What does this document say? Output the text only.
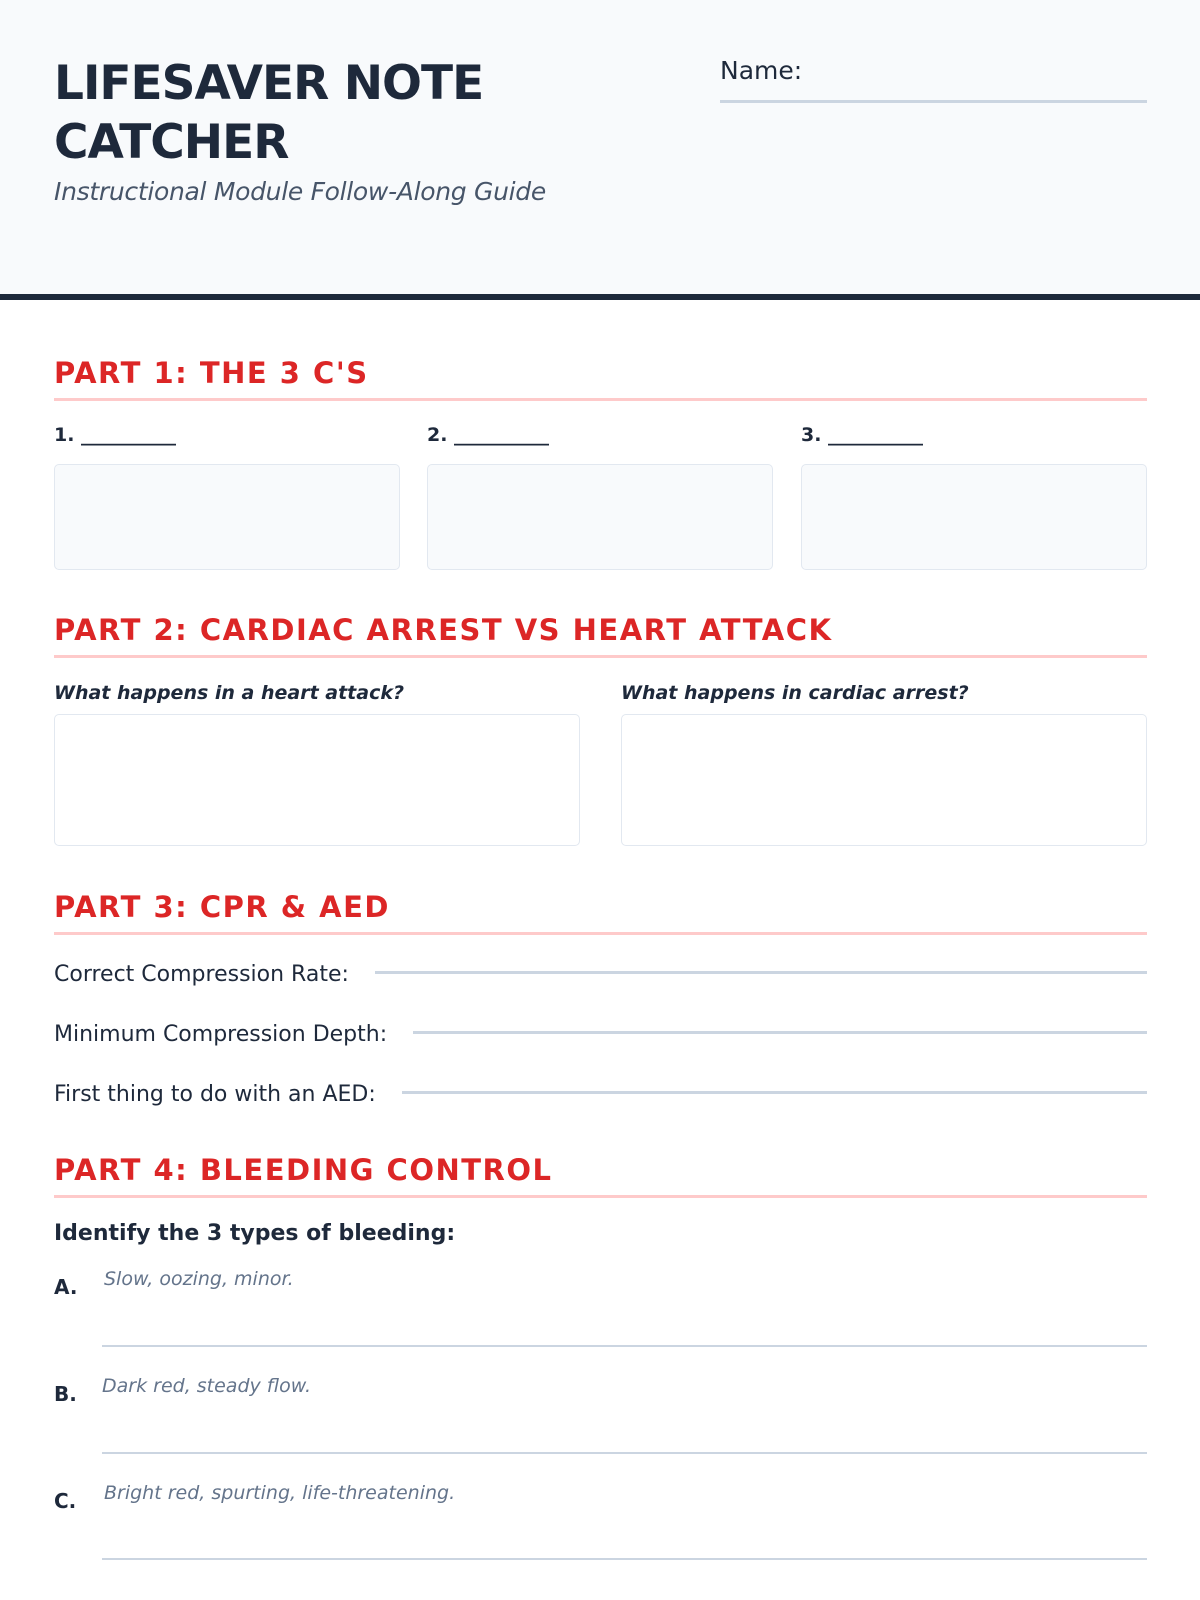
LIFESAVER NOTE CATCHER
Instructional Module Follow-Along Guide
Name:
PART 1: THE 3 C'S
1. __________	2. __________	3. __________
PART 2: CARDIAC ARREST VS HEART ATTACK
What happens in a heart attack?	What happens in cardiac arrest?
PART 3: CPR & AED
Correct Compression Rate:
Minimum Compression Depth:
First thing to do with an AED:
PART 4: BLEEDING CONTROL
Identify the 3 types of bleeding:
A. Slow, oozing, minor.
B. Dark red, steady flow.
C. Bright red, spurting, life-threatening.
